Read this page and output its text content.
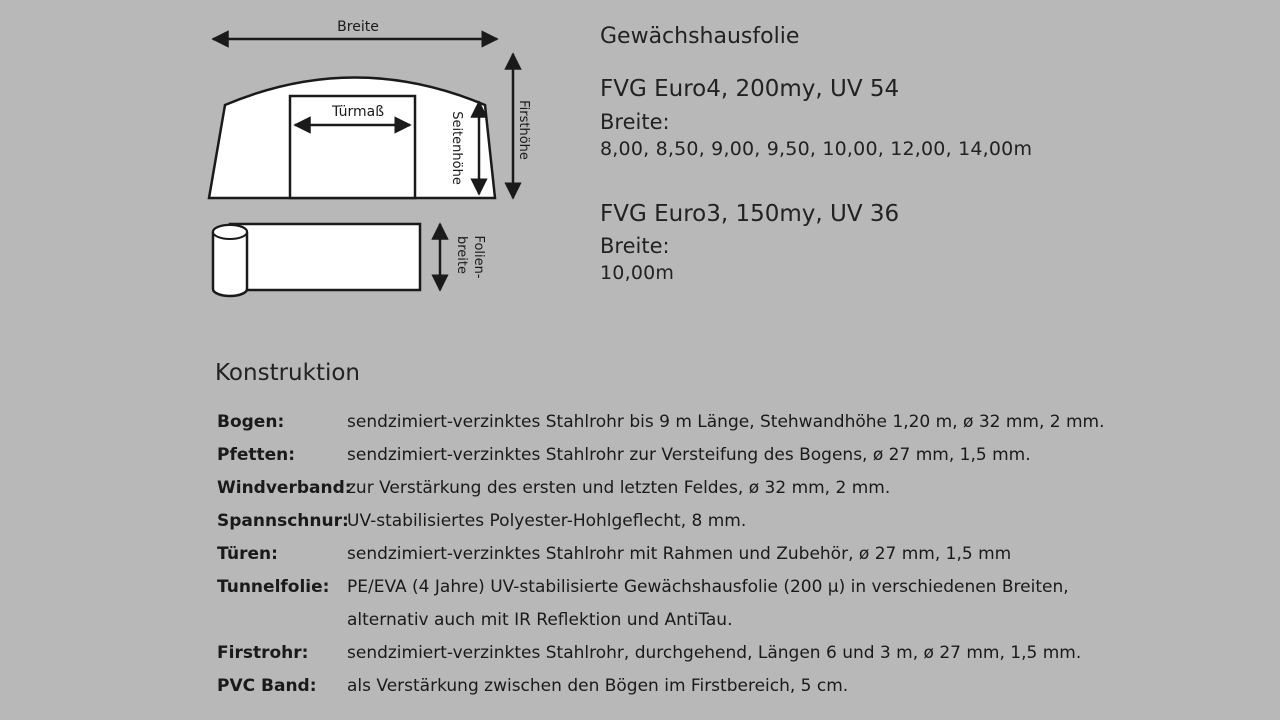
Breite
Türmaß	Seitenhöhe	Firsthöhe
Folien-
breite
Gewächshausfolie
FVG Euro4, 200my, UV 54
Breite:
8,00, 8,50, 9,00, 9,50, 10,00, 12,00, 14,00m
FVG Euro3, 150my, UV 36
Breite:
10,00m
Konstruktion
Bogen:	sendzimiert-verzinktes Stahlrohr bis 9 m Länge, Stehwandhöhe 1,20 m, ø 32 mm, 2 mm.
Pfetten:	sendzimiert-verzinktes Stahlrohr zur Versteifung des Bogens, ø 27 mm, 1,5 mm.
Windverband:
zur Verstärkung des ersten und letzten Feldes, ø 32 mm, 2 mm.
Spannschnur:
UV-stabilisiertes Polyester-Hohlgeflecht, 8 mm.
Türen:	sendzimiert-verzinktes Stahlrohr mit Rahmen und Zubehör, ø 27 mm, 1,5 mm
Tunnelfolie: PE/EVA (4 Jahre) UV-stabilisierte Gewächshausfolie (200 µ) in verschiedenen Breiten,
alternativ auch mit IR Reflektion und AntiTau.
Firstrohr: sendzimiert-verzinktes Stahlrohr, durchgehend, Längen 6 und 3 m, ø 27 mm, 1,5 mm.
PVC Band: als Verstärkung zwischen den Bögen im Firstbereich, 5 cm.
